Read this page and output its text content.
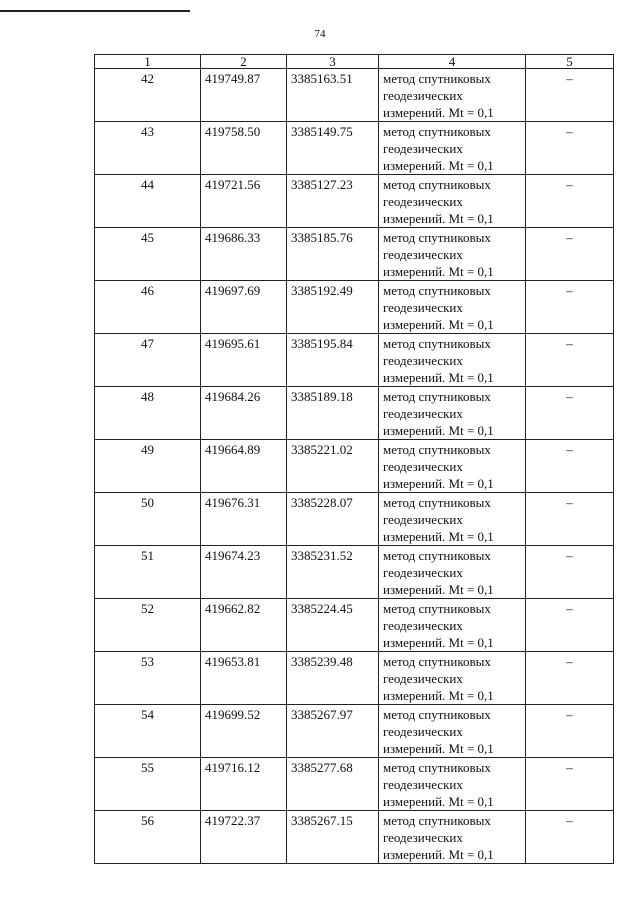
74
1	2	3	4	5
42	419749.87	3385163.51	метод спутниковых
геодезических
измерений. Mt = 0,1	–
43	419758.50	3385149.75	метод спутниковых
геодезических
измерений. Mt = 0,1	–
44	419721.56	3385127.23	метод спутниковых
геодезических
измерений. Mt = 0,1	–
45	419686.33	3385185.76	метод спутниковых
геодезических
измерений. Mt = 0,1	–
46	419697.69	3385192.49	метод спутниковых
геодезических
измерений. Mt = 0,1	–
47	419695.61	3385195.84	метод спутниковых
геодезических
измерений. Mt = 0,1	–
48	419684.26	3385189.18	метод спутниковых
геодезических
измерений. Mt = 0,1	–
49	419664.89	3385221.02	метод спутниковых
геодезических
измерений. Mt = 0,1	–
50	419676.31	3385228.07	метод спутниковых
геодезических
измерений. Mt = 0,1	–
51	419674.23	3385231.52	метод спутниковых
геодезических
измерений. Mt = 0,1	–
52	419662.82	3385224.45	метод спутниковых
геодезических
измерений. Mt = 0,1	–
53	419653.81	3385239.48	метод спутниковых
геодезических
измерений. Mt = 0,1	–
54	419699.52	3385267.97	метод спутниковых
геодезических
измерений. Mt = 0,1	–
55	419716.12	3385277.68	метод спутниковых
геодезических
измерений. Mt = 0,1	–
56	419722.37	3385267.15	метод спутниковых
геодезических
измерений. Mt = 0,1	–
